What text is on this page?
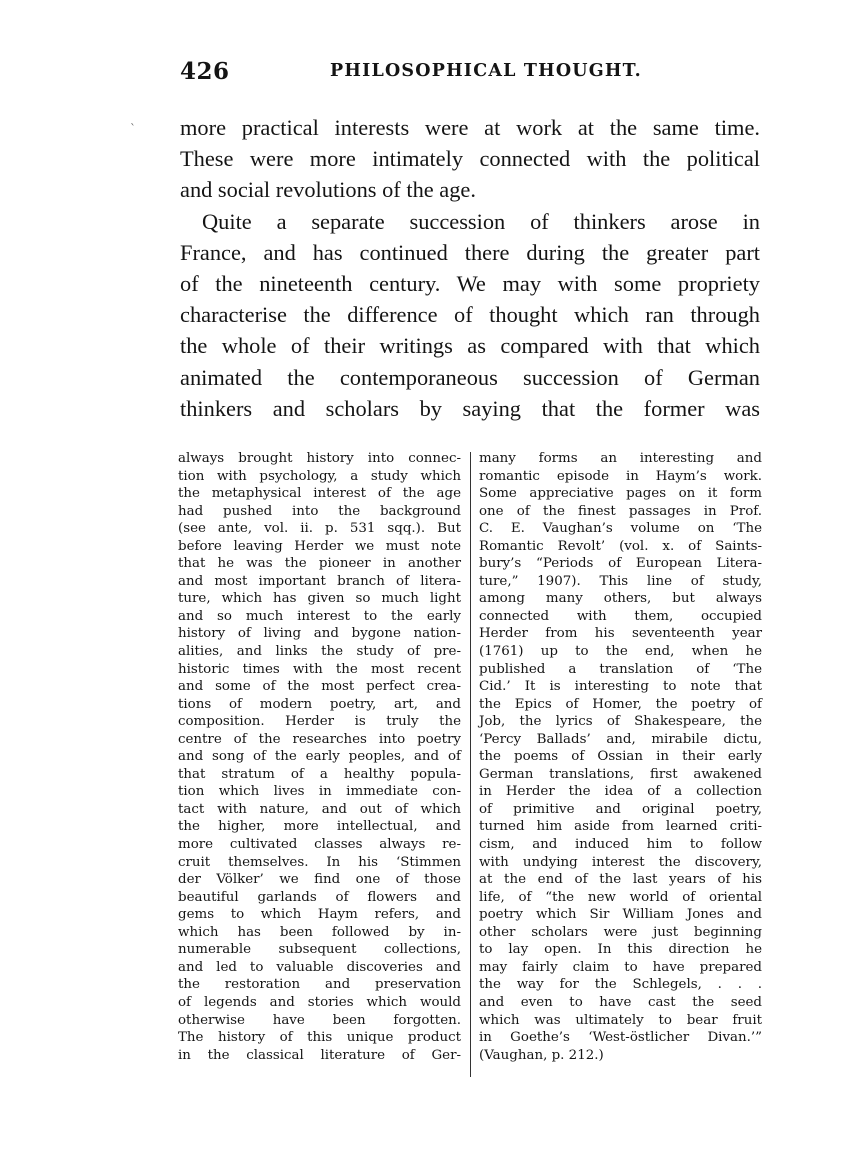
426	PHILOSOPHICAL THOUGHT.
` more practical interests were at work at the same time.

These were more intimately connected with the political

and social revolutions of the age.

Quite a separate succession of thinkers arose in

France, and has continued there during the greater part

of the nineteenth century. We may with some propriety

characterise the difference of thought which ran through

the whole of their writings as compared with that which

animated the contemporaneous succession of German

thinkers and scholars by saying that the former was

always brought history into connec-

tion with psychology, a study which

the metaphysical interest of the age

had pushed into the background

(see ante, vol. ii. p. 531 sqq.). But

before leaving Herder we must note

that he was the pioneer in another

and most important branch of litera-

ture, which has given so much light

and so much interest to the early

history of living and bygone nation-

alities, and links the study of pre-

historic times with the most recent

and some of the most perfect crea-

tions of modern poetry, art, and

composition. Herder is truly the

centre of the researches into poetry

and song of the early peoples, and of

that stratum of a healthy popula-

tion which lives in immediate con-

tact with nature, and out of which

the higher, more intellectual, and

more cultivated classes always re-

cruit themselves. In his ‘Stimmen

der Völker’ we find one of those

beautiful garlands of flowers and

gems to which Haym refers, and

which has been followed by in-

numerable subsequent collections,

and led to valuable discoveries and

the restoration and preservation

of legends and stories which would

otherwise have been forgotten.

The history of this unique product

in the classical literature of Ger-

many forms an interesting and

romantic episode in Haym’s work.

Some appreciative pages on it form

one of the finest passages in Prof.

C. E. Vaughan’s volume on ‘The

Romantic Revolt’ (vol. x. of Saints-

bury’s “Periods of European Litera-

ture,” 1907). This line of study,

among many others, but always

connected with them, occupied

Herder from his seventeenth year

(1761) up to the end, when he

published a translation of ‘The

Cid.’ It is interesting to note that

the Epics of Homer, the poetry of

Job, the lyrics of Shakespeare, the

‘Percy Ballads’ and, mirabile dictu,

the poems of Ossian in their early

German translations, first awakened

in Herder the idea of a collection

of primitive and original poetry,

turned him aside from learned criti-

cism, and induced him to follow

with undying interest the discovery,

at the end of the last years of his

life, of “the new world of oriental

poetry which Sir William Jones and

other scholars were just beginning

to lay open. In this direction he

may fairly claim to have prepared

the way for the Schlegels, . . .

and even to have cast the seed

which was ultimately to bear fruit

in Goethe’s ‘West-östlicher Divan.’”

(Vaughan, p. 212.)
